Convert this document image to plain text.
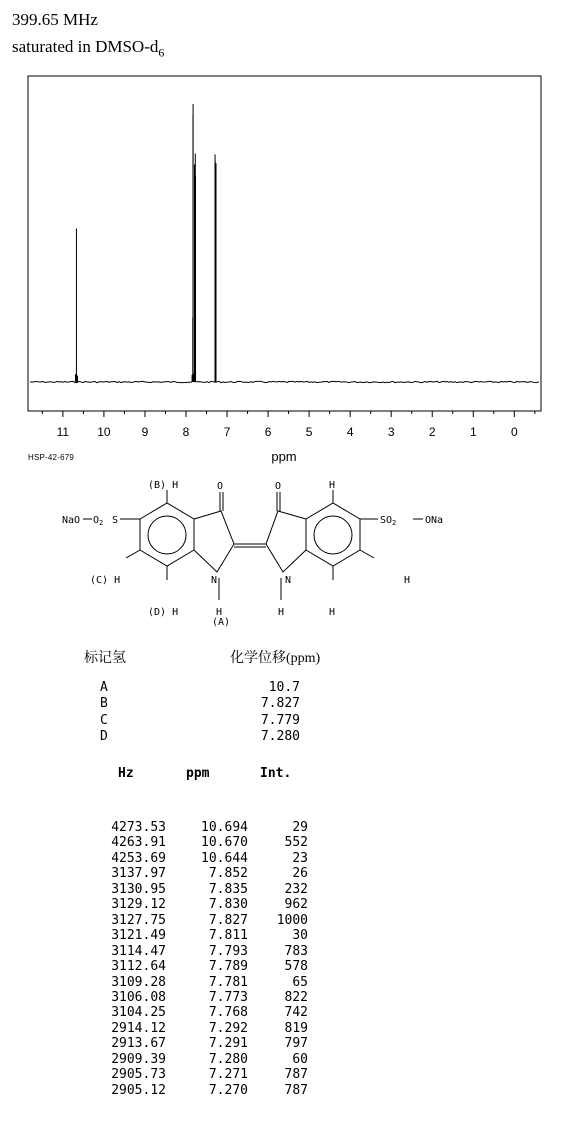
399.65 MHz
saturated in DMSO-$d_6$
11 10	9	8	7	6	5	4	3	2	1	0
ppm
HSP-42-679
NaO $O_2$ S
(B) H
(C) H
(D) H
N
H
(A)
O	O
N
H
H
$SO_2$	ONa
H
H
标记氢	化学位移(ppm)
A	10.7
B	7.827
C	7.779
D	7.280
Hz	ppm	Int.
4273.53	10.694	29
4263.91	10.670	552
4253.69	10.644	23
3137.97	7.852	26
3130.95	7.835	232
3129.12	7.830	962
3127.75	7.827	1000
3121.49	7.811	30
3114.47	7.793	783
3112.64	7.789	578
3109.28	7.781	65
3106.08	7.773	822
3104.25	7.768	742
2914.12	7.292	819
2913.67	7.291	797
2909.39	7.280	60
2905.73	7.271	787
2905.12	7.270	787
